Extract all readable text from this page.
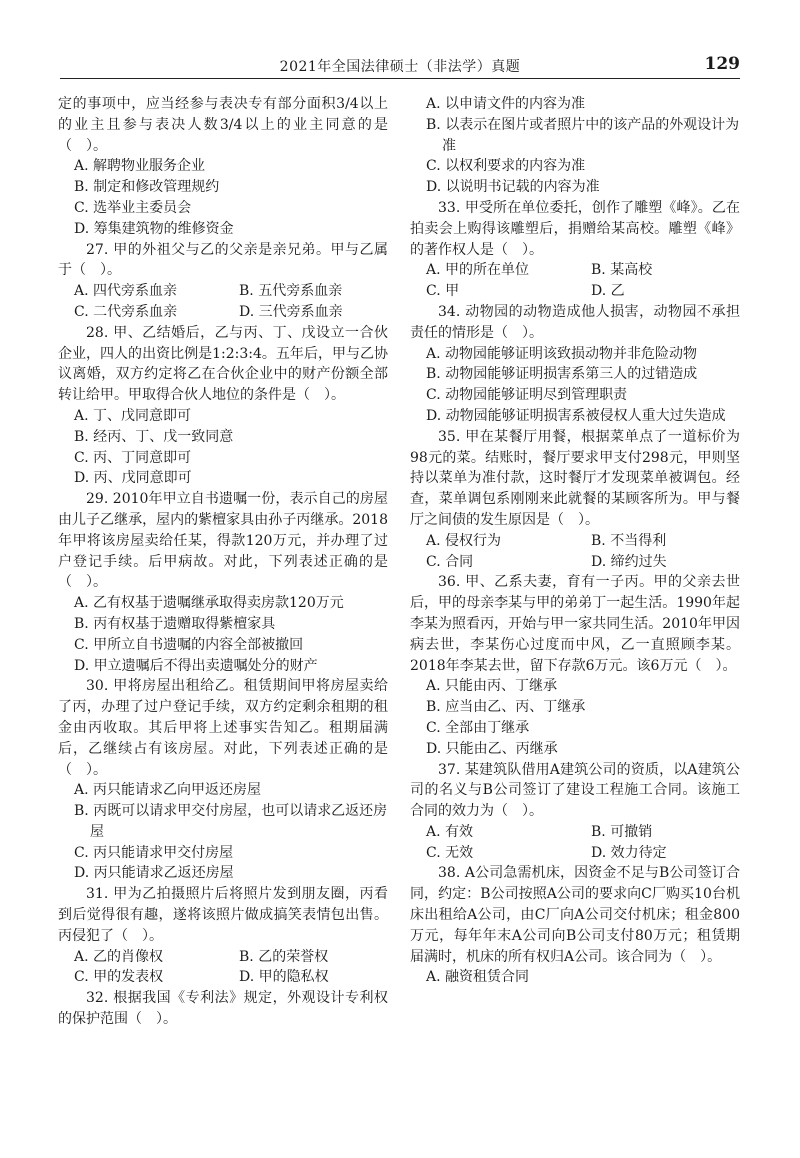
2021年全国法律硕士（非法学）真题	129

定的事项中，应当经参与表决专有部分面积3/4以上的业主且参与表决人数3/4以上的业主同意的是（　）。

A. 解聘物业服务企业

B. 制定和修改管理规约

C. 选举业主委员会

D. 筹集建筑物的维修资金

27. 甲的外祖父与乙的父亲是亲兄弟。甲与乙属于（　）。

A. 四代旁系血亲	B. 五代旁系血亲
C. 二代旁系血亲	D. 三代旁系血亲

28. 甲、乙结婚后，乙与丙、丁、戊设立一合伙企业，四人的出资比例是1:2:3:4。五年后，甲与乙协议离婚，双方约定将乙在合伙企业中的财产份额全部转让给甲。甲取得合伙人地位的条件是（　）。

A. 丁、戊同意即可

B. 经丙、丁、戊一致同意

C. 丙、丁同意即可

D. 丙、戊同意即可

29. 2010年甲立自书遗嘱一份，表示自己的房屋由儿子乙继承，屋内的紫檀家具由孙子丙继承。2018年甲将该房屋卖给任某，得款120万元，并办理了过户登记手续。后甲病故。对此，下列表述正确的是（　）。

A. 乙有权基于遗嘱继承取得卖房款120万元

B. 丙有权基于遗赠取得紫檀家具

C. 甲所立自书遗嘱的内容全部被撤回

D. 甲立遗嘱后不得出卖遗嘱处分的财产

30. 甲将房屋出租给乙。租赁期间甲将房屋卖给了丙，办理了过户登记手续，双方约定剩余租期的租金由丙收取。其后甲将上述事实告知乙。租期届满后，乙继续占有该房屋。对此，下列表述正确的是（　）。

A. 丙只能请求乙向甲返还房屋

B. 丙既可以请求甲交付房屋，也可以请求乙返还房屋

C. 丙只能请求甲交付房屋

D. 丙只能请求乙返还房屋

31. 甲为乙拍摄照片后将照片发到朋友圈，丙看到后觉得很有趣，遂将该照片做成搞笑表情包出售。丙侵犯了（　）。

A. 乙的肖像权	B. 乙的荣誉权
C. 甲的发表权	D. 甲的隐私权

32. 根据我国《专利法》规定，外观设计专利权的保护范围（　）。

A. 以申请文件的内容为准

B. 以表示在图片或者照片中的该产品的外观设计为准

C. 以权利要求的内容为准

D. 以说明书记载的内容为准

33. 甲受所在单位委托，创作了雕塑《峰》。乙在拍卖会上购得该雕塑后，捐赠给某高校。雕塑《峰》的著作权人是（　）。

A. 甲的所在单位	B. 某高校
C. 甲	D. 乙

34. 动物园的动物造成他人损害，动物园不承担责任的情形是（　）。

A. 动物园能够证明该致损动物并非危险动物

B. 动物园能够证明损害系第三人的过错造成

C. 动物园能够证明尽到管理职责

D. 动物园能够证明损害系被侵权人重大过失造成

35. 甲在某餐厅用餐，根据菜单点了一道标价为98元的菜。结账时，餐厅要求甲支付298元，甲则坚持以菜单为准付款，这时餐厅才发现菜单被调包。经查，菜单调包系刚刚来此就餐的某顾客所为。甲与餐厅之间债的发生原因是（　）。

A. 侵权行为	B. 不当得利
C. 合同	D. 缔约过失

36. 甲、乙系夫妻，育有一子丙。甲的父亲去世后，甲的母亲李某与甲的弟弟丁一起生活。1990年起李某为照看丙，开始与甲一家共同生活。2010年甲因病去世，李某伤心过度而中风，乙一直照顾李某。2018年李某去世，留下存款6万元。该6万元（　）。

A. 只能由丙、丁继承

B. 应当由乙、丙、丁继承

C. 全部由丁继承

D. 只能由乙、丙继承

37. 某建筑队借用A建筑公司的资质，以A建筑公司的名义与B公司签订了建设工程施工合同。该施工合同的效力为（　）。

A. 有效	B. 可撤销
C. 无效	D. 效力待定

38. A公司急需机床，因资金不足与B公司签订合同，约定：B公司按照A公司的要求向C厂购买10台机床出租给A公司，由C厂向A公司交付机床；租金800万元，每年年末A公司向B公司支付80万元；租赁期届满时，机床的所有权归A公司。该合同为（　）。

A. 融资租赁合同
